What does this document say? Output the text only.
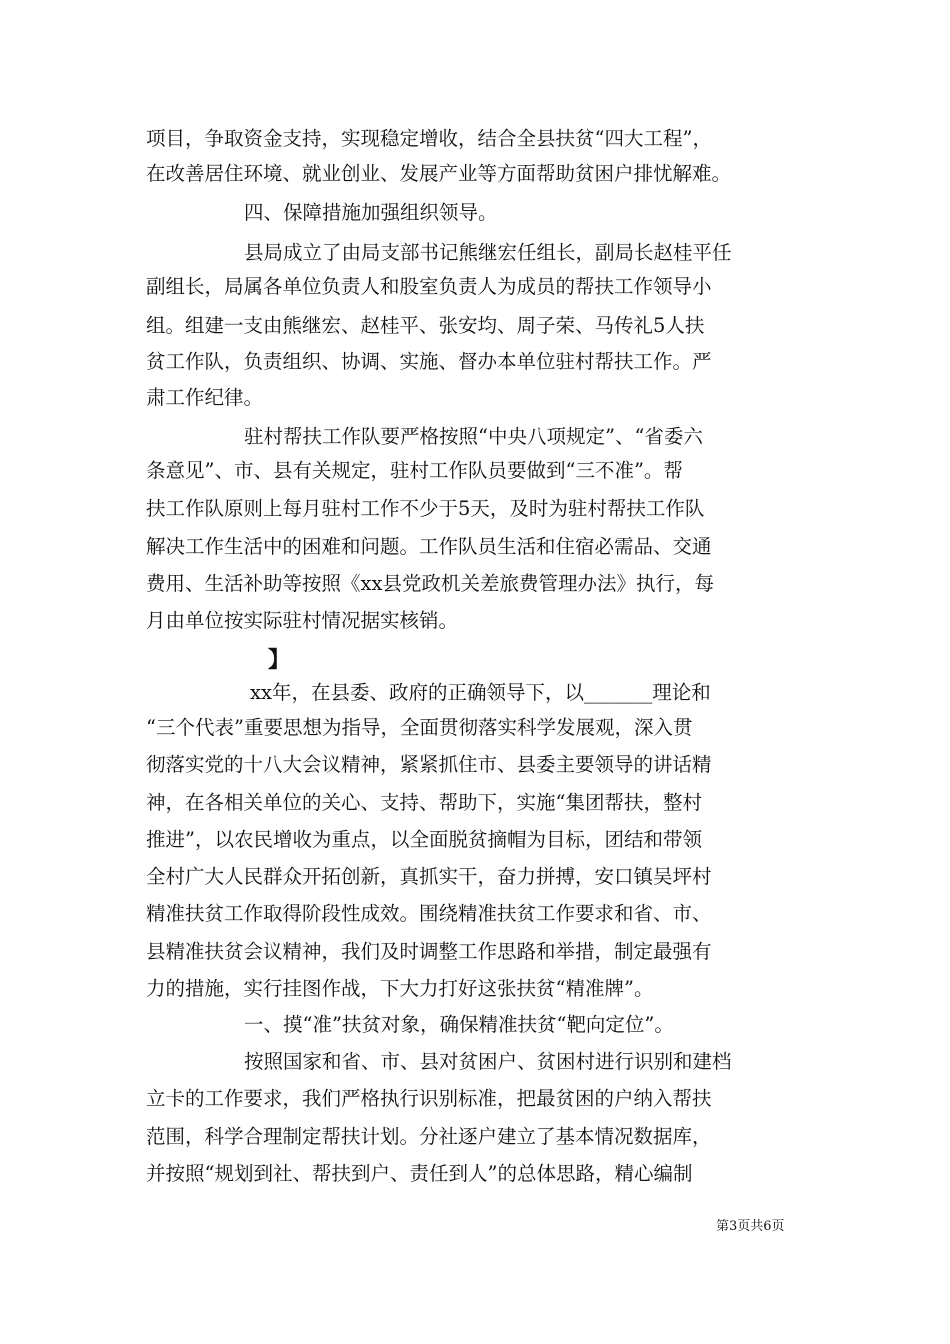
项目，争取资金支持，实现稳定增收，结合全县扶贫“四大工程”，
在改善居住环境、就业创业、发展产业等方面帮助贫困户排忧解难。
四、保障措施加强组织领导。
县局成立了由局支部书记熊继宏任组长，副局长赵桂平任
副组长，局属各单位负责人和股室负责人为成员的帮扶工作领导小
组。组建一支由熊继宏、赵桂平、张安均、周子荣、马传礼5人扶
贫工作队，负责组织、协调、实施、督办本单位驻村帮扶工作。严
肃工作纪律。
驻村帮扶工作队要严格按照“中央八项规定”、“省委六
条意见”、市、县有关规定，驻村工作队员要做到“三不准”。帮
扶工作队原则上每月驻村工作不少于5天，及时为驻村帮扶工作队
解决工作生活中的困难和问题。工作队员生活和住宿必需品、交通
费用、生活补助等按照《xx县党政机关差旅费管理办法》执行，每
月由单位按实际驻村情况据实核销。
xx年，在县委、政府的正确领导下，以_______理论和
“三个代表”重要思想为指导，全面贯彻落实科学发展观，深入贯
彻落实党的十八大会议精神，紧紧抓住市、县委主要领导的讲话精
神，在各相关单位的关心、支持、帮助下，实施“集团帮扶，整村
推进”，以农民增收为重点，以全面脱贫摘帽为目标，团结和带领
全村广大人民群众开拓创新，真抓实干，奋力拼搏，安口镇吴坪村
精准扶贫工作取得阶段性成效。围绕精准扶贫工作要求和省、市、
县精准扶贫会议精神，我们及时调整工作思路和举措，制定最强有
力的措施，实行挂图作战，下大力打好这张扶贫“精准牌”。
一、摸“准”扶贫对象，确保精准扶贫“靶向定位”。
按照国家和省、市、县对贫困户、贫困村进行识别和建档
立卡的工作要求，我们严格执行识别标准，把最贫困的户纳入帮扶
范围，科学合理制定帮扶计划。分社逐户建立了基本情况数据库，
并按照“规划到社、帮扶到户、责任到人”的总体思路，精心编制
】
第3页共6页
